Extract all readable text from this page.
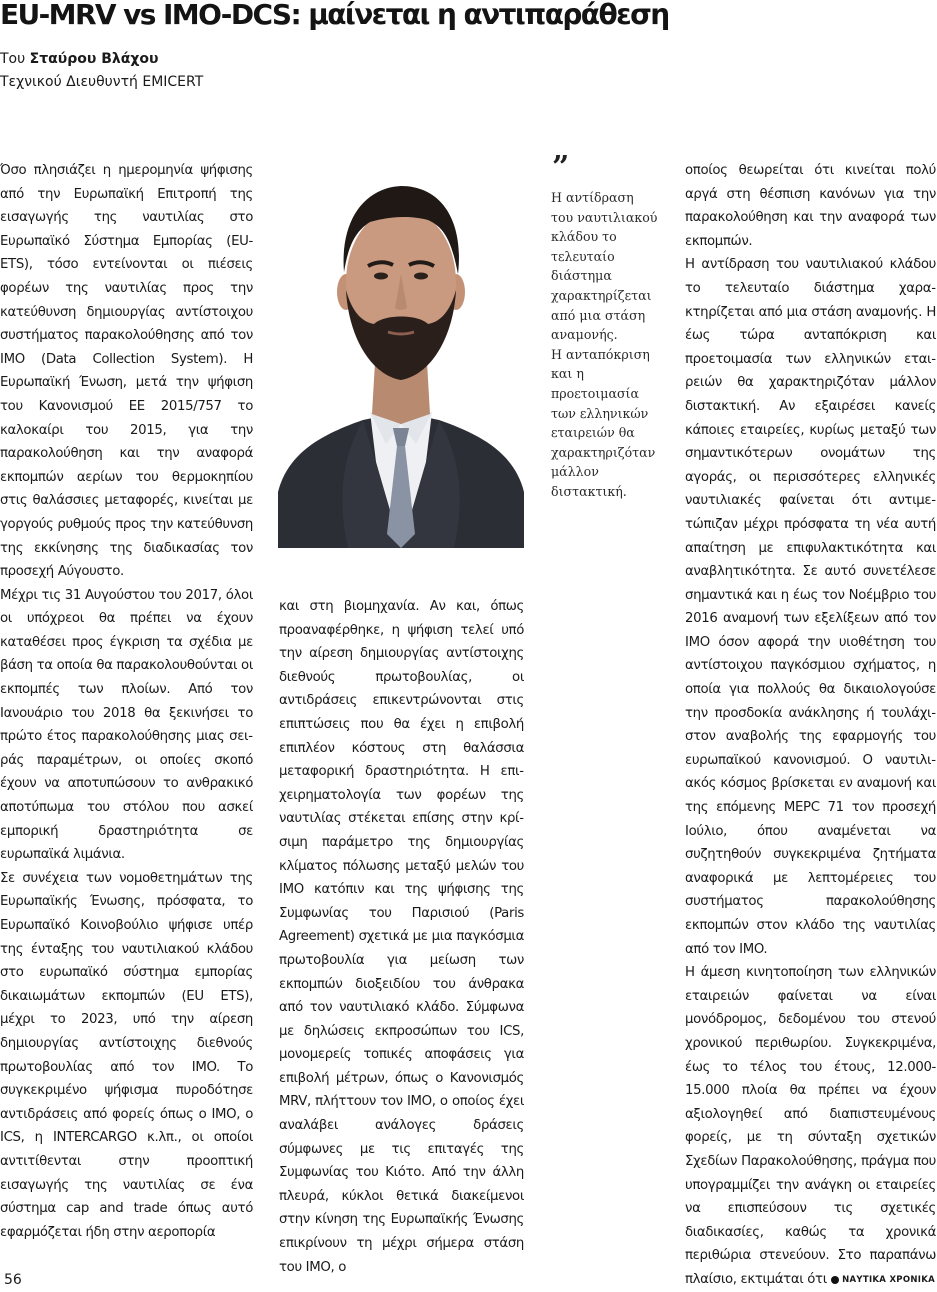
EU-MRV vs IMO-DCS: μαίνεται η αντιπαράθεση
Του Σταύρου Βλάχου
Τεχνικού Διευθυντή EMICERT

Όσο πλησιάζει η ημερομηνία ψήφισης από την Ευρωπαϊκή Επιτροπή της εισαγωγής της ναυτιλίας στο Ευρωπαϊκό Σύστημα Εμπορίας (EU-ETS), τόσο εντείνονται οι πιέσεις φορέων της ναυτιλίας προς την κατεύθυνση δημιουργίας αντίστοιχου συστήματος παρακολούθησης από τον IMO (Data Collection System). Η Ευρωπαϊκή Ένωση, μετά την ψήφιση του Κανονισμού ΕΕ 2015/757 το καλοκαίρι του 2015, για την παρακολούθηση και την αναφορά εκπομπών αερίων του θερμοκηπίου στις θαλάσσιες μεταφορές, κινείται με γοργούς ρυθμούς προς την κατεύθυνση της εκκίνησης της διαδικασίας τον προσεχή Αύγουστο.

Μέχρι τις 31 Αυγούστου του 2017, όλοι οι υπόχρεοι θα πρέπει να έχουν καταθέσει προς έγκριση τα σχέδια με βάση τα οποία θα παρακολουθούνται οι εκπομπές των πλοίων. Από τον Ιανουάριο του 2018 θα ξεκινήσει το πρώτο έτος παρακολούθησης μιας σειράς παραμέτρων, οι οποίες σκοπό έχουν να αποτυπώσουν το ανθρακικό αποτύπωμα του στόλου που ασκεί εμπορική δραστηριότητα σε ευρωπαϊκά λιμάνια.

Σε συνέχεια των νομοθετημάτων της Ευρωπαϊκής Ένωσης, πρόσφατα, το Ευρωπαϊκό Κοινοβούλιο ψήφισε υπέρ της ένταξης του ναυτιλιακού κλάδου στο ευρωπαϊκό σύστημα εμπορίας δικαιωμάτων εκπομπών (EU ETS), μέχρι το 2023, υπό την αίρεση δημιουργίας αντίστοιχης διεθνούς πρωτοβουλίας από τον IMO. Το συγκεκριμένο ψήφισμα πυροδότησε αντιδράσεις από φορείς όπως ο IMO, ο ICS, η INTERCARGO κ.λπ., οι οποίοι αντιτίθενται στην προοπτική εισαγωγής της ναυτιλίας σε ένα σύστημα cap and trade όπως αυτό εφαρμόζεται ήδη στην αεροπορία

”
Η αντίδραση
του ναυτιλιακού
κλάδου το
τελευταίο
διάστημα
χαρακτηρίζεται
από μια στάση
αναμονής.
Η ανταπόκριση
και η
προετοιμασία
των ελληνικών
εταιρειών θα
χαρακτηριζόταν
μάλλον
διστακτική.

και στη βιομηχανία. Αν και, όπως προαναφέρθηκε, η ψήφιση τελεί υπό την αίρεση δημιουργίας αντίστοιχης διεθνούς πρωτοβουλίας, οι αντιδράσεις επικεντρώνονται στις επιπτώσεις που θα έχει η επιβολή επιπλέον κόστους στη θαλάσσια μεταφορική δραστηριότητα. Η επιχειρηματολογία των φορέων της ναυτιλίας στέκεται επίσης στην κρίσιμη παράμετρο της δημιουργίας κλίματος πόλωσης μεταξύ μελών του IMO κατόπιν και της ψήφισης της Συμφωνίας του Παρισιού (Paris Agreement) σχετικά με μια παγκόσμια πρωτοβουλία για μείωση των εκπομπών διοξειδίου του άνθρακα από τον ναυτιλιακό κλάδο. Σύμφωνα με δηλώσεις εκπροσώπων του ICS, μονομερείς τοπικές αποφάσεις για επιβολή μέτρων, όπως ο Κανονισμός MRV, πλήττουν τον IMO, ο οποίος έχει αναλάβει ανάλογες δράσεις σύμφωνες με τις επιταγές της Συμφωνίας του Κιότο. Από την άλλη πλευρά, κύκλοι θετικά διακείμενοι στην κίνηση της Ευρωπαϊκής Ένωσης επικρίνουν τη μέχρι σήμερα στάση του IMO, ο

οποίος θεωρείται ότι κινείται πολύ αργά στη θέσπιση κανόνων για την παρακολούθηση και την αναφορά των εκπομπών.

Η αντίδραση του ναυτιλιακού κλάδου το τελευταίο διάστημα χαρακτηρίζεται από μια στάση αναμονής. Η έως τώρα ανταπόκριση και προετοιμασία των ελληνικών εταιρειών θα χαρακτηριζόταν μάλλον διστακτική. Αν εξαιρέσει κανείς κάποιες εταιρείες, κυρίως μεταξύ των σημαντικότερων ονομάτων της αγοράς, οι περισσότερες ελληνικές ναυτιλιακές φαίνεται ότι αντιμετώπιζαν μέχρι πρόσφατα τη νέα αυτή απαίτηση με επιφυλακτικότητα και αναβλητικότητα. Σε αυτό συνετέλεσε σημαντικά και η έως τον Νοέμβριο του 2016 αναμονή των εξελίξεων από τον IMO όσον αφορά την υιοθέτηση του αντίστοιχου παγκόσμιου σχήματος, η οποία για πολλούς θα δικαιολογούσε την προσδοκία ανάκλησης ή τουλάχιστον αναβολής της εφαρμογής του ευρωπαϊκού κανονισμού. Ο ναυτιλιακός κόσμος βρίσκεται εν αναμονή και της επόμενης MEPC 71 τον προσεχή Ιούλιο, όπου αναμένεται να συζητηθούν συγκεκριμένα ζητήματα αναφορικά με λεπτομέρειες του συστήματος παρακολούθησης εκπομπών στον κλάδο της ναυτιλίας από τον IMO.

Η άμεση κινητοποίηση των ελληνικών εταιρειών φαίνεται να είναι μονόδρομος, δεδομένου του στενού χρονικού περιθωρίου. Συγκεκριμένα, έως το τέλος του έτους, 12.000-15.000 πλοία θα πρέπει να έχουν αξιολογηθεί από διαπιστευμένους φορείς, με τη σύνταξη σχετικών Σχεδίων Παρακολούθησης, πράγμα που υπογραμμίζει την ανάγκη οι εταιρείες να επισπεύσουν τις σχετικές διαδικασίες, καθώς τα χρονικά περιθώρια στενεύουν. Στο παραπάνω πλαίσιο, εκτιμάται ότι

56	ΝΑΥΤΙΚΑ ΧΡΟΝΙΚΑ
